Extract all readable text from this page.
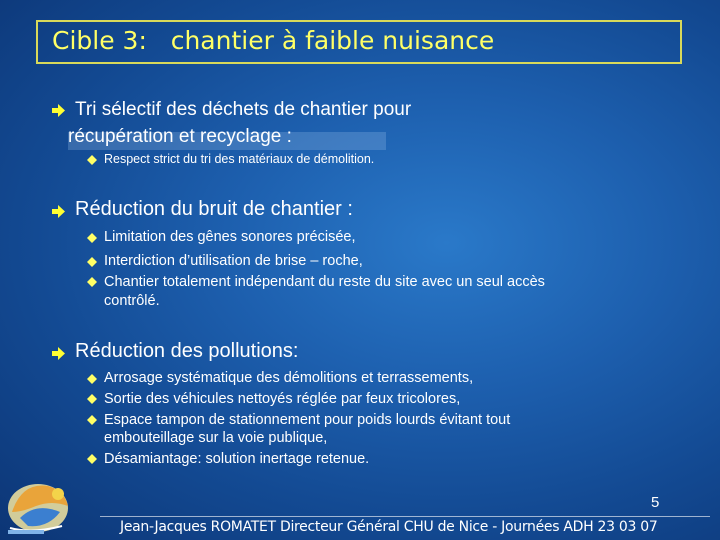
Cible 3:   chantier à faible nuisance
Tri sélectif des déchets de chantier pour
récupération et recyclage :
Respect strict du tri des matériaux de démolition.
Réduction du bruit de chantier :
Limitation des gênes sonores précisée,
Interdiction d’utilisation de brise – roche,
Chantier totalement indépendant du reste du site avec un seul accès
contrôlé.
Réduction des pollutions:
Arrosage systématique des démolitions et terrassements,
Sortie des véhicules nettoyés réglée par feux tricolores,
Espace tampon de stationnement pour poids lourds évitant tout
embouteillage sur la voie publique,
Désamiantage: solution inertage retenue.
5
Jean-Jacques ROMATET Directeur Général CHU de Nice - Journées ADH 23 03 07
